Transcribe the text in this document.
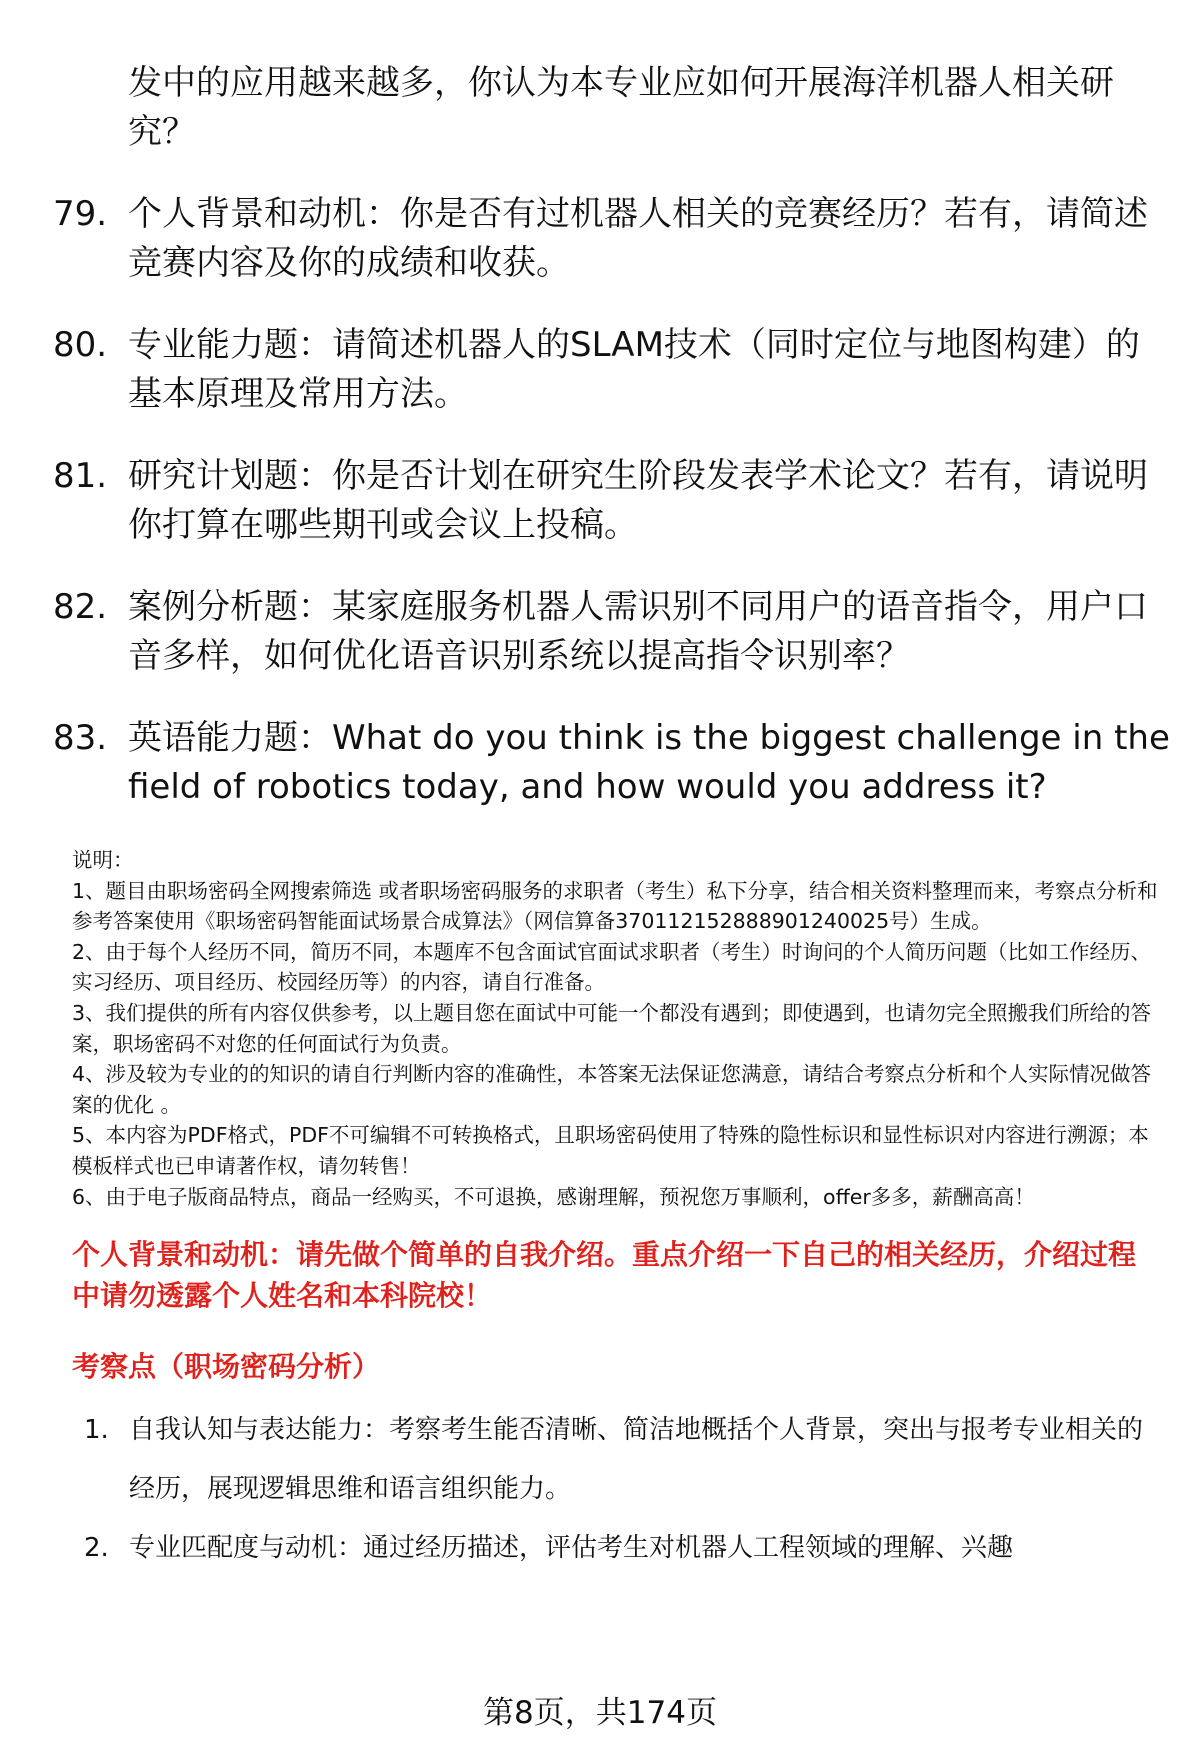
发中的应用越来越多，你认为本专业应如何开展海洋机器人相关研究？
79. 个人背景和动机：你是否有过机器人相关的竞赛经历？若有，请简述竞赛内容及你的成绩和收获。
80. 专业能力题：请简述机器人的SLAM技术（同时定位与地图构建）的基本原理及常用方法。
81. 研究计划题：你是否计划在研究生阶段发表学术论文？若有，请说明你打算在哪些期刊或会议上投稿。
82. 案例分析题：某家庭服务机器人需识别不同用户的语音指令，用户口音多样，如何优化语音识别系统以提高指令识别率？
83. 英语能力题：What do you think is the biggest challenge in the field of robotics today, and how would you address it?
说明：
1、题目由职场密码全网搜索筛选 或者职场密码服务的求职者（考生）私下分享，结合相关资料整理而来，考察点分析和参考答案使用《职场密码智能面试场景合成算法》（网信算备370112152888901240025号）生成。
2、由于每个人经历不同，简历不同，本题库不包含面试官面试求职者（考生）时询问的个人简历问题（比如工作经历、实习经历、项目经历、校园经历等）的内容，请自行准备。
3、我们提供的所有内容仅供参考，以上题目您在面试中可能一个都没有遇到；即使遇到，也请勿完全照搬我们所给的答案，职场密码不对您的任何面试行为负责。
4、涉及较为专业的的知识的请自行判断内容的准确性，本答案无法保证您满意，请结合考察点分析和个人实际情况做答案的优化 。
5、本内容为PDF格式，PDF不可编辑不可转换格式，且职场密码使用了特殊的隐性标识和显性标识对内容进行溯源；本模板样式也已申请著作权，请勿转售！
6、由于电子版商品特点，商品一经购买，不可退换，感谢理解，预祝您万事顺利，offer多多，薪酬高高！
个人背景和动机：请先做个简单的自我介绍。重点介绍一下自己的相关经历，介绍过程中请勿透露个人姓名和本科院校！
考察点（职场密码分析）
1. 自我认知与表达能力：考察考生能否清晰、简洁地概括个人背景，突出与报考专业相关的经历，展现逻辑思维和语言组织能力。
2. 专业匹配度与动机：通过经历描述，评估考生对机器人工程领域的理解、兴趣
第8页，共174页
